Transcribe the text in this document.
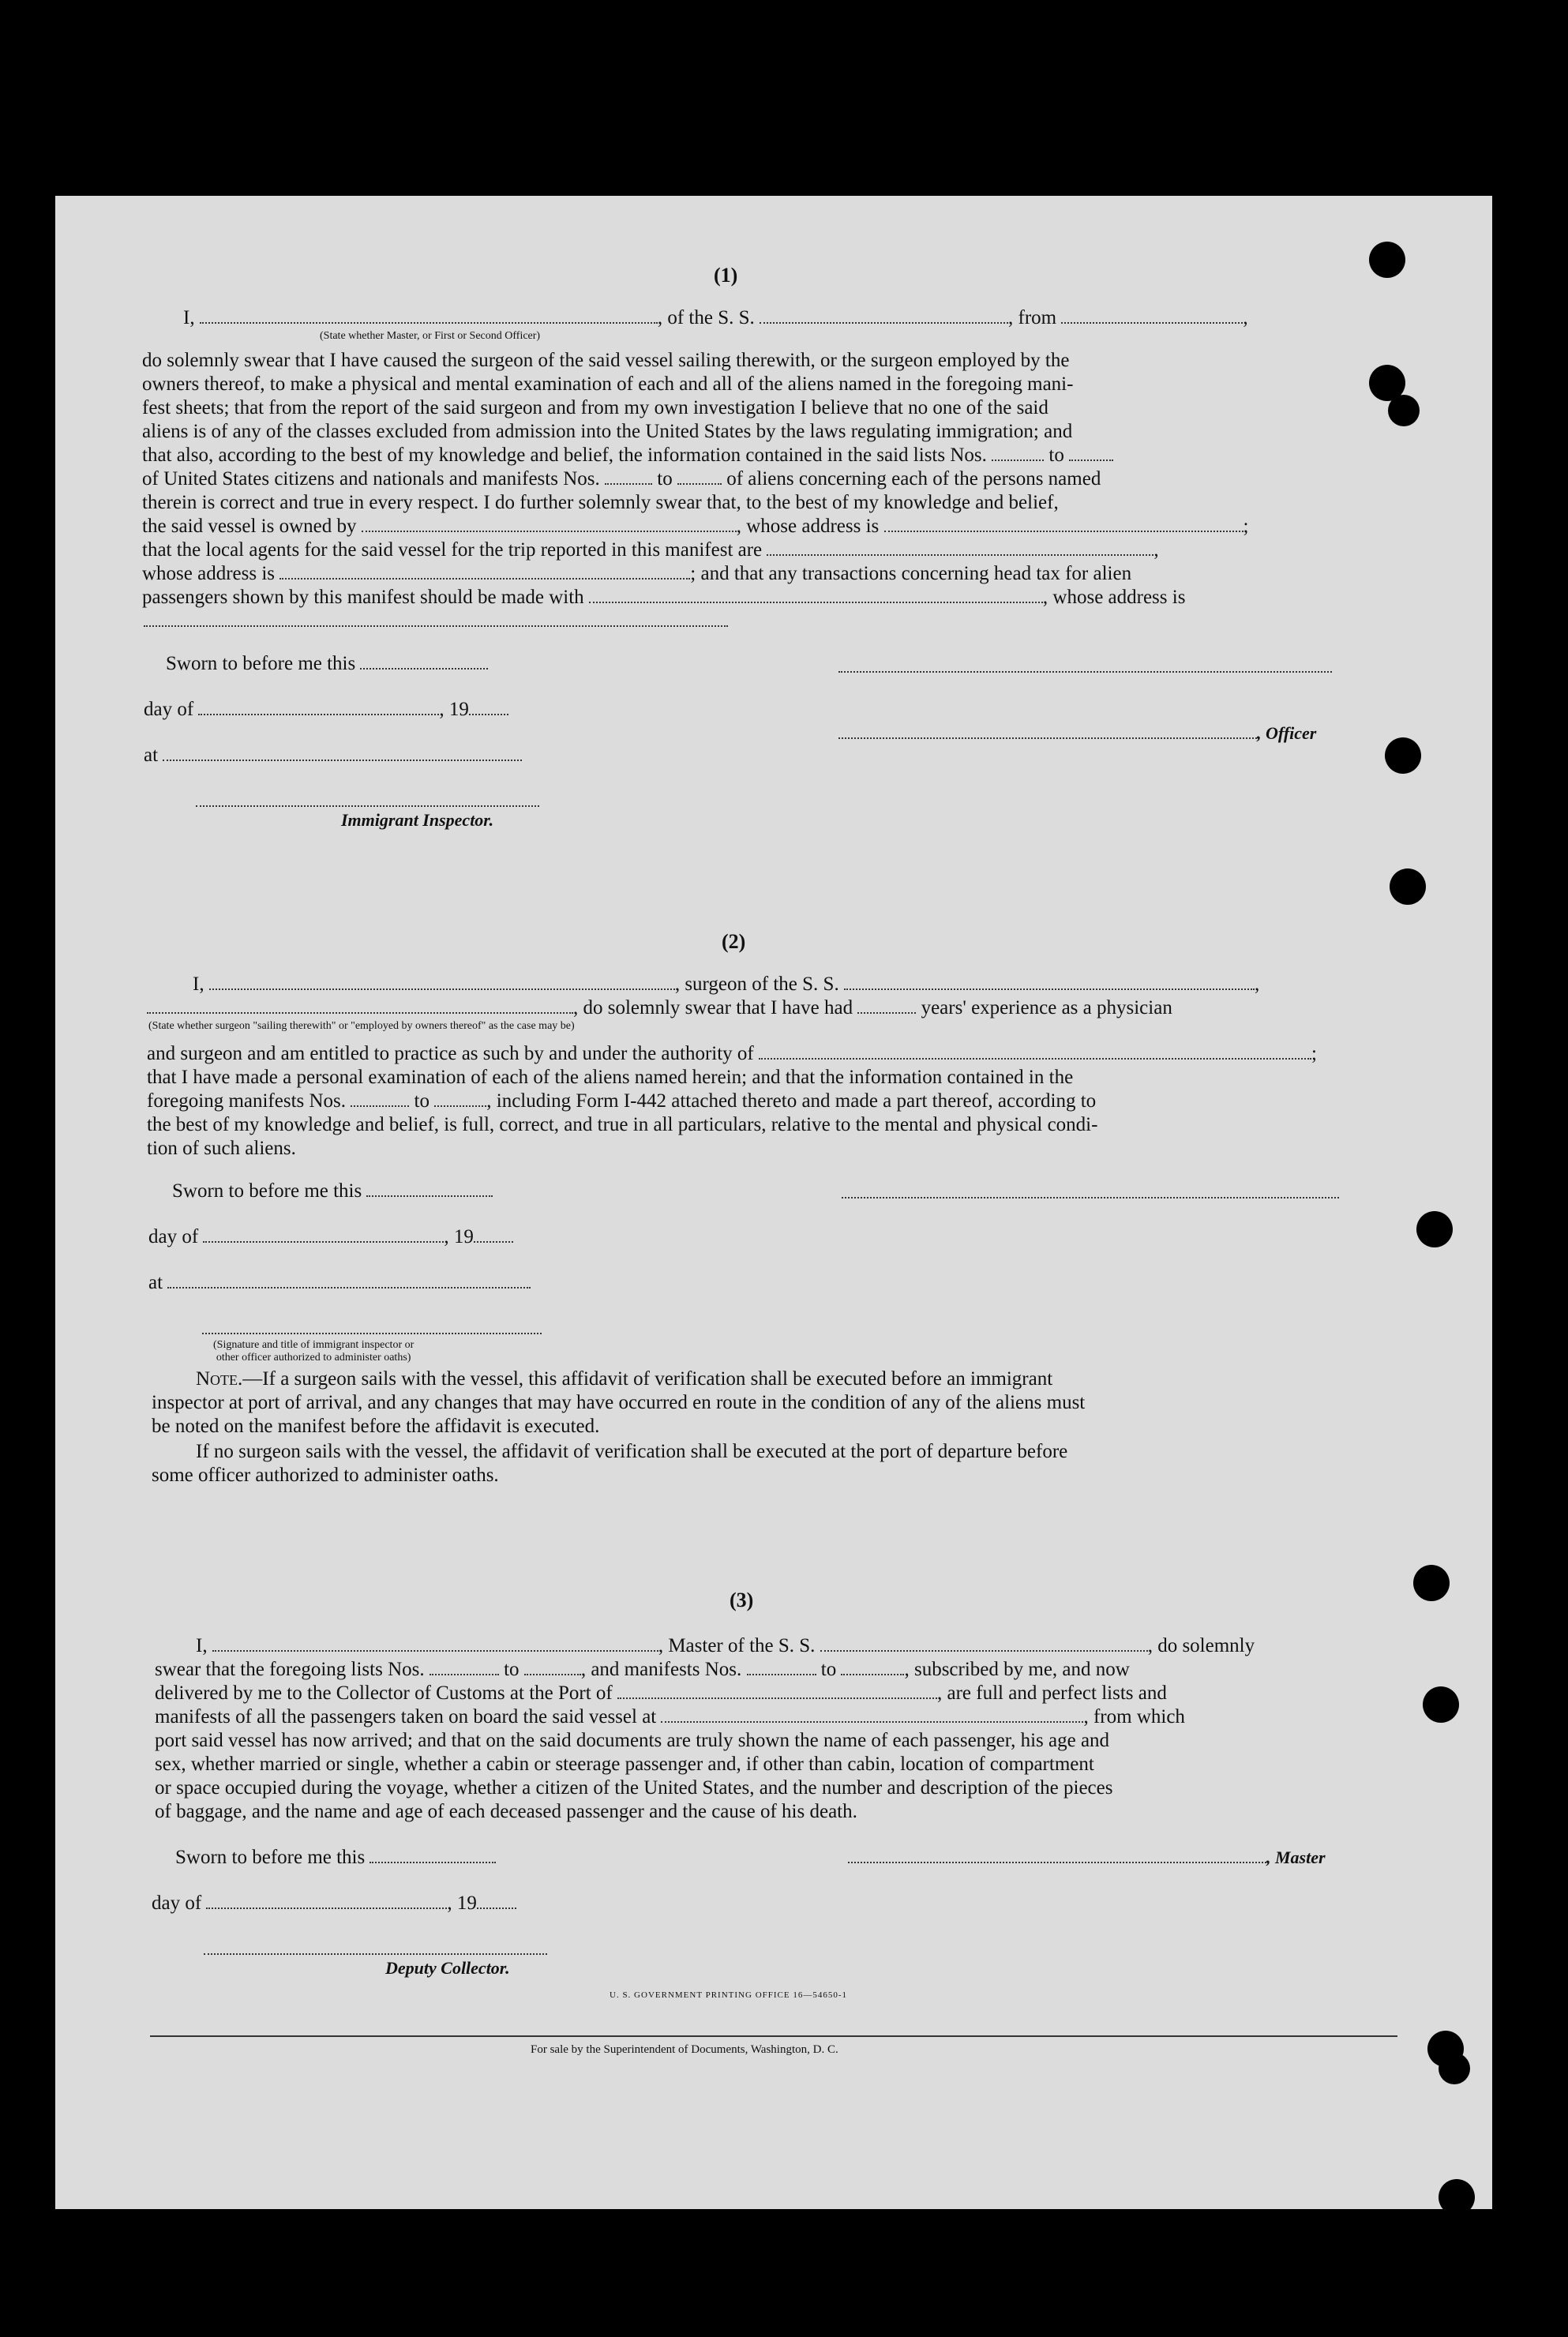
(1)
I,	, of the S. S.	, from	,
(State whether Master, or First or Second Officer)
do solemnly swear that I have caused the surgeon of the said vessel sailing therewith, or the surgeon employed by the
owners thereof, to make a physical and mental examination of each and all of the aliens named in the foregoing mani-
fest sheets; that from the report of the said surgeon and from my own investigation I believe that no one of the said
aliens is of any of the classes excluded from admission into the United States by the laws regulating immigration; and
that also, according to the best of my knowledge and belief, the information contained in the said lists Nos.	to
of United States citizens and nationals and manifests Nos.	to	of aliens concerning each of the persons named
therein is correct and true in every respect. I do further solemnly swear that, to the best of my knowledge and belief,
the said vessel is owned by	, whose address is	;
that the local agents for the said vessel for the trip reported in this manifest are	,
whose address is	; and that any transactions concerning head tax for alien
passengers shown by this manifest should be made with	, whose address is
Sworn to before me this
day of	, 19
, Officer
at
Immigrant Inspector.
(2)
I,	, surgeon of the S. S.	,
, do solemnly swear that I have had	years' experience as a physician
(State whether surgeon "sailing therewith" or "employed by owners thereof" as the case may be)
and surgeon and am entitled to practice as such by and under the authority of	;
that I have made a personal examination of each of the aliens named herein; and that the information contained in the
foregoing manifests Nos.	to	, including Form I-442 attached thereto and made a part thereof, according to
the best of my knowledge and belief, is full, correct, and true in all particulars, relative to the mental and physical condi-
tion of such aliens.
Sworn to before me this
day of	, 19
at
(Signature and title of immigrant inspector or
other officer authorized to administer oaths)
Note.—If a surgeon sails with the vessel, this affidavit of verification shall be executed before an immigrant
inspector at port of arrival, and any changes that may have occurred en route in the condition of any of the aliens must
be noted on the manifest before the affidavit is executed.
If no surgeon sails with the vessel, the affidavit of verification shall be executed at the port of departure before
some officer authorized to administer oaths.
(3)
I,	, Master of the S. S.	, do solemnly
swear that the foregoing lists Nos.	to	, and manifests Nos.	to	, subscribed by me, and now
delivered by me to the Collector of Customs at the Port of	, are full and perfect lists and
manifests of all the passengers taken on board the said vessel at	, from which
port said vessel has now arrived; and that on the said documents are truly shown the name of each passenger, his age and
sex, whether married or single, whether a cabin or steerage passenger and, if other than cabin, location of compartment
or space occupied during the voyage, whether a citizen of the United States, and the number and description of the pieces
of baggage, and the name and age of each deceased passenger and the cause of his death.
Sworn to before me this	, Master
day of	, 19
Deputy Collector.
U. S. GOVERNMENT PRINTING OFFICE 16—54650-1
For sale by the Superintendent of Documents, Washington, D. C.
